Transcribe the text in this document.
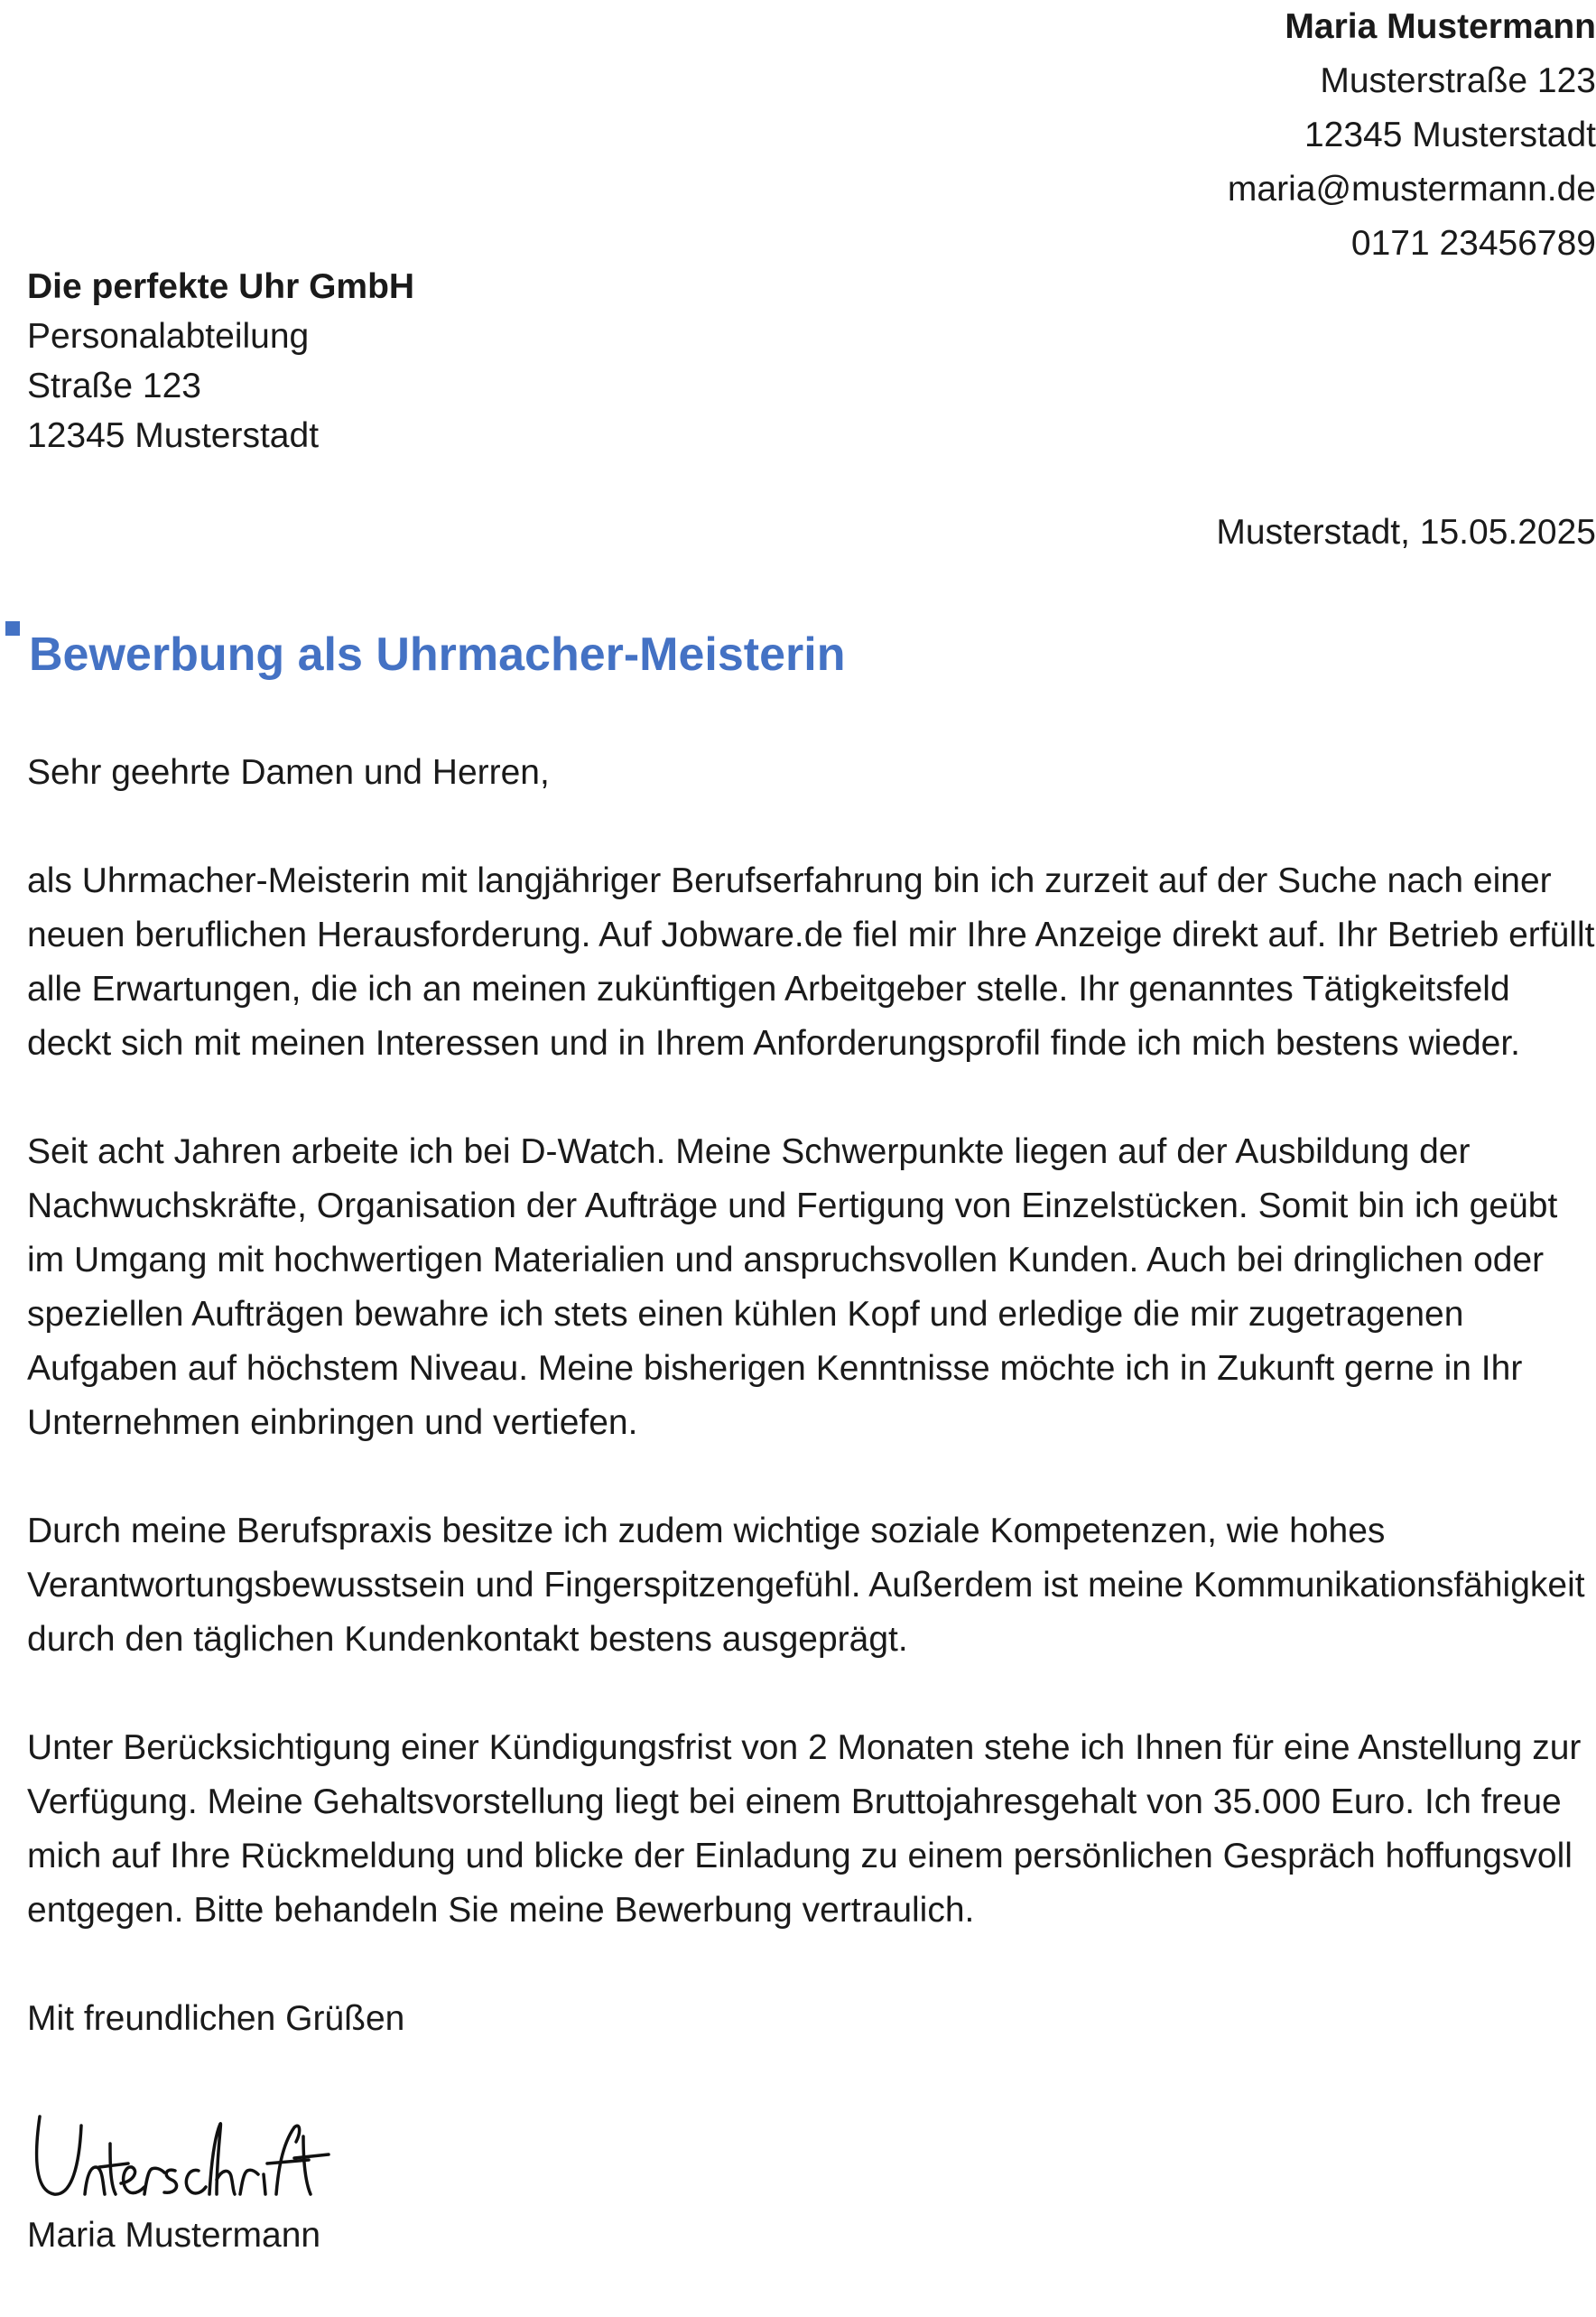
Maria Mustermann
Musterstraße 123
12345 Musterstadt
maria@mustermann.de
0171 23456789
Die perfekte Uhr GmbH
Personalabteilung
Straße 123
12345 Musterstadt
Musterstadt, 15.05.2025
Bewerbung als Uhrmacher-Meisterin

Sehr geehrte Damen und Herren,

als Uhrmacher-Meisterin mit langjähriger Berufserfahrung bin ich zurzeit auf der Suche nach einer neuen beruflichen Herausforderung. Auf Jobware.de fiel mir Ihre Anzeige direkt auf. Ihr Betrieb erfüllt alle Erwartungen, die ich an meinen zukünftigen Arbeitgeber stelle. Ihr genanntes Tätigkeitsfeld deckt sich mit meinen Interessen und in Ihrem Anforderungsprofil finde ich mich bestens wieder.

Seit acht Jahren arbeite ich bei D-Watch. Meine Schwerpunkte liegen auf der Ausbildung der Nachwuchskräfte, Organisation der Aufträge und Fertigung von Einzelstücken. Somit bin ich geübt im Umgang mit hochwertigen Materialien und anspruchsvollen Kunden. Auch bei dringlichen oder speziellen Aufträgen bewahre ich stets einen kühlen Kopf und erledige die mir zugetragenen Aufgaben auf höchstem Niveau. Meine bisherigen Kenntnisse möchte ich in Zukunft gerne in Ihr Unternehmen einbringen und vertiefen.

Durch meine Berufspraxis besitze ich zudem wichtige soziale Kompetenzen, wie hohes Verantwortungsbewusstsein und Fingerspitzengefühl. Außerdem ist meine Kommunikationsfähigkeit durch den täglichen Kundenkontakt bestens ausgeprägt.

Unter Berücksichtigung einer Kündigungsfrist von 2 Monaten stehe ich Ihnen für eine Anstellung zur Verfügung. Meine Gehaltsvorstellung liegt bei einem Bruttojahresgehalt von 35.000 Euro. Ich freue mich auf Ihre Rückmeldung und blicke der Einladung zu einem persönlichen Gespräch hoffungsvoll entgegen. Bitte behandeln Sie meine Bewerbung vertraulich.

Mit freundlichen Grüßen

Maria Mustermann
